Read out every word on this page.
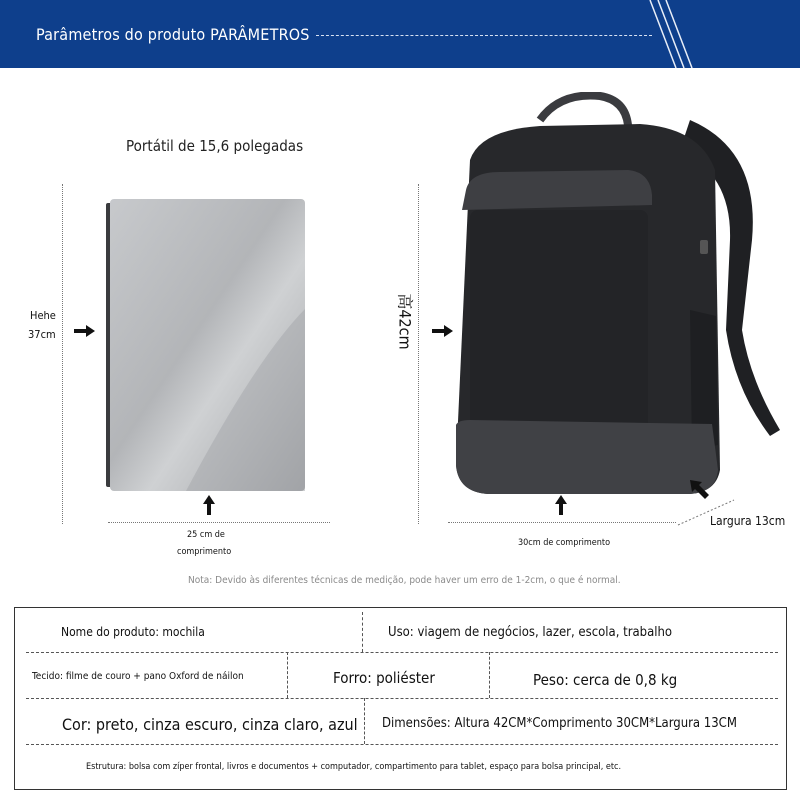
Parâmetros do produto PARÂMETROS
Portátil de 15,6 polegadas
Hehe
37cm
25 cm de
comprimento
高42cm
30cm de comprimento
Largura 13cm
Nota: Devido às diferentes técnicas de medição, pode haver um erro de 1-2cm, o que é normal.
Nome do produto: mochila	Uso: viagem de negócios, lazer, escola, trabalho
Tecido: filme de couro + pano Oxford de náilon	Forro: poliéster	Peso: cerca de 0,8 kg
Cor: preto, cinza escuro, cinza claro, azul Dimensões: Altura 42CM*Comprimento 30CM*Largura 13CM
Estrutura: bolsa com zíper frontal, livros e documentos + computador, compartimento para tablet, espaço para bolsa principal, etc.
